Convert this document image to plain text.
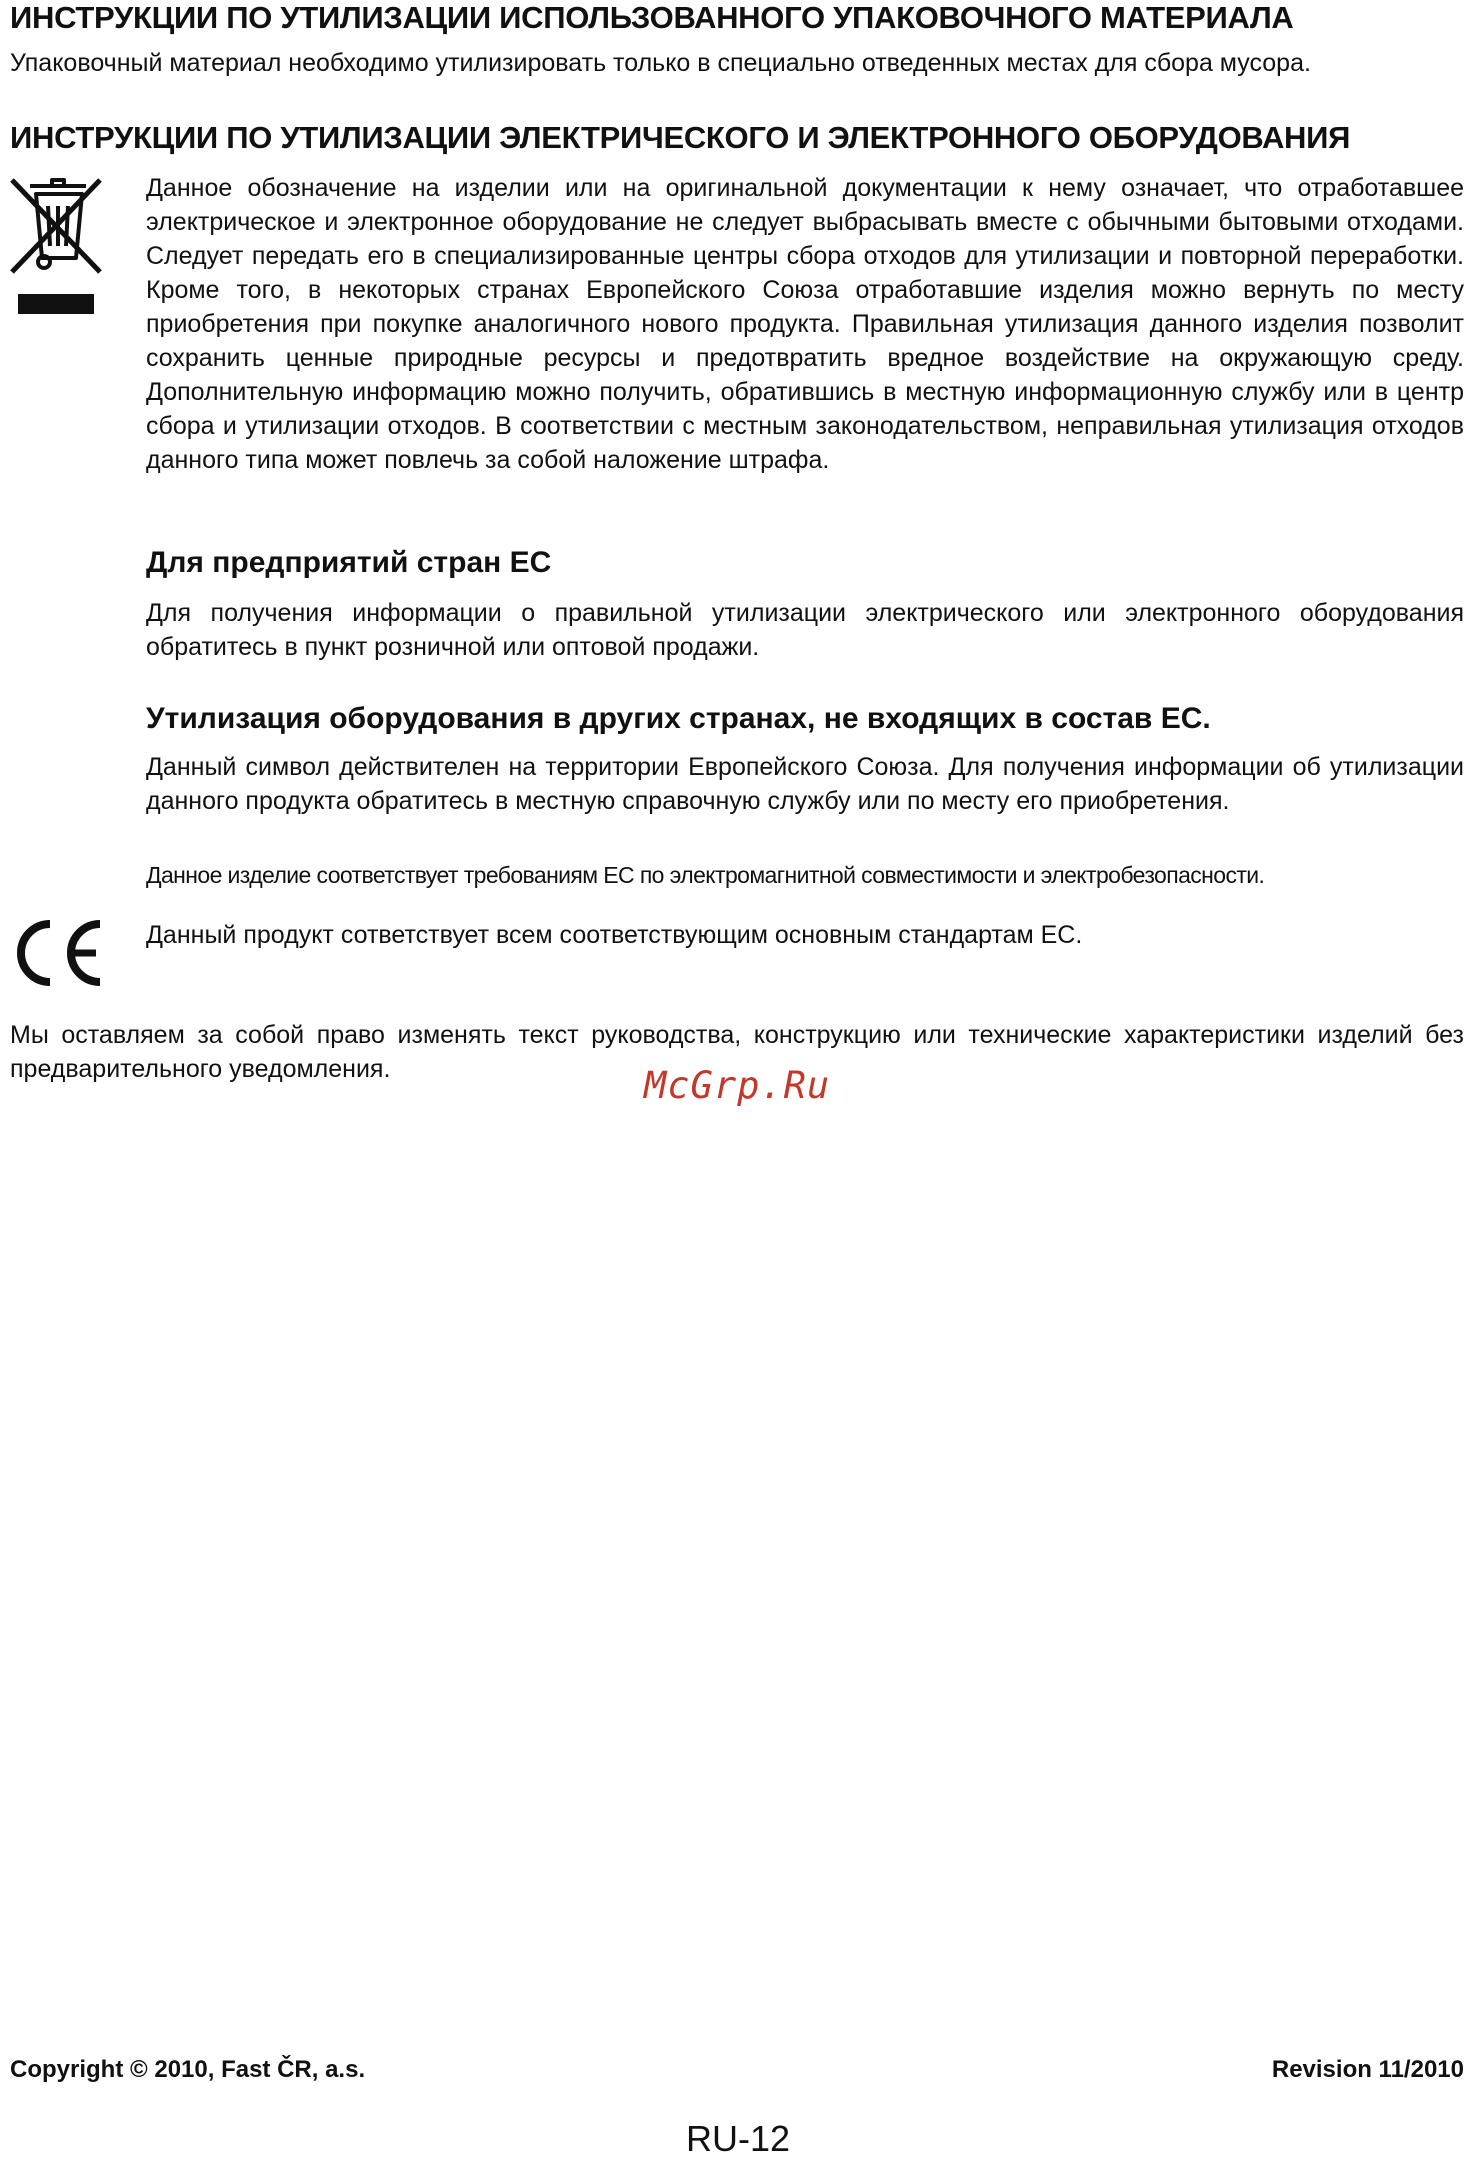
ИНСТРУКЦИИ ПО УТИЛИЗАЦИИ ИСПОЛЬЗОВАННОГО УПАКОВОЧНОГО МАТЕРИАЛА
Упаковочный материал необходимо утилизировать только в специально отведенных местах для сбора мусора.
ИНСТРУКЦИИ ПО УТИЛИЗАЦИИ ЭЛЕКТРИЧЕСКОГО И ЭЛЕКТРОННОГО ОБОРУДОВАНИЯ
Данное обозначение на изделии или на оригинальной документации к нему означает, что отработавшее электрическое и электронное оборудование не следует выбрасывать вместе с обычными бытовыми отходами. Следует передать его в специализированные центры сбора отходов для утилизации и повторной переработки. Кроме того, в некоторых странах Европейского Союза отработавшие изделия можно вернуть по месту приобретения при покупке аналогичного нового продукта. Правильная утилизация данного изделия позволит сохранить ценные природные ресурсы и предотвратить вредное воздействие на окружающую среду. Дополнительную информацию можно получить, обратившись в местную информационную службу или в центр сбора и утилизации отходов. В соответствии с местным законодательством, неправильная утилизация отходов данного типа может повлечь за собой наложение штрафа.
Для предприятий стран ЕС
Для получения информации о правильной утилизации электрического или электронного оборудования обратитесь в пункт розничной или оптовой продажи.
Утилизация оборудования в других странах, не входящих в состав ЕС.
Данный символ действителен на территории Европейского Союза. Для получения информации об утилизации данного продукта обратитесь в местную справочную службу или по месту его приобретения.
Данное изделие соответствует требованиям ЕС по электромагнитной совместимости и электробезопасности.
Данный продукт сответствует всем соответствующим основным стандартам ЕС.
Мы оставляем за собой право изменять текст руководства, конструкцию или технические характеристики изделий без предварительного уведомления.	McGrp.Ru
Copyright © 2010, Fast ČR, a.s.	Revision 11/2010
RU-12
